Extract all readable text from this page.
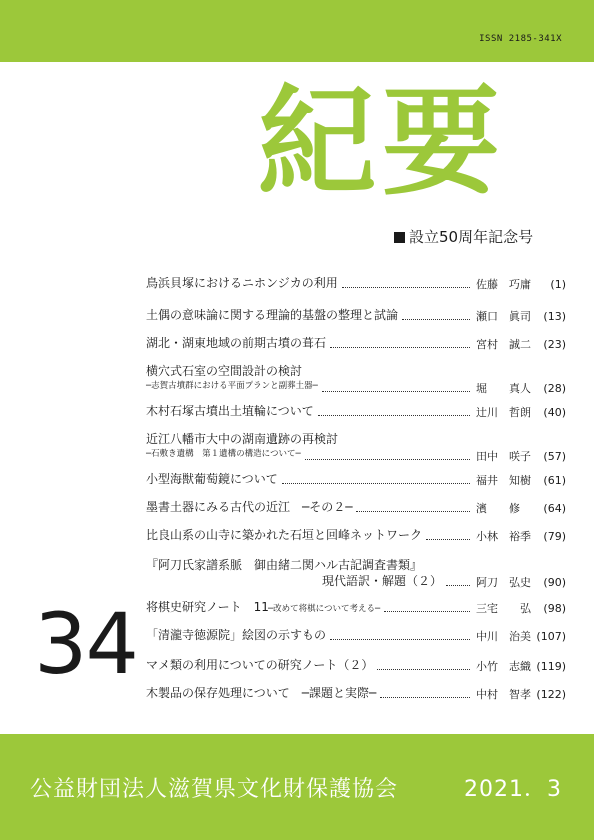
ISSN 2185-341X
紀要
設立50周年記念号
鳥浜貝塚におけるニホンジカの利用	佐藤　巧庸 (1)
土偶の意味論に関する理論的基盤の整理と試論	瀬口　眞司 (13)
湖北・湖東地域の前期古墳の葺石	宮村　誠二 (23)
横穴式石室の空間設計の検討
─志賀古墳群における平面プランと副葬土器─	堀　　真人 (28)
木村石塚古墳出土埴輪について	辻川　哲朗 (40)
近江八幡市大中の湖南遺跡の再検討
─石敷き遺構　第１遺構の構造について─	田中　咲子 (57)
小型海獣葡萄鏡について	福井　知樹 (61)
墨書土器にみる古代の近江　─その２─	濱　　修 (64)
比良山系の山寺に築かれた石垣と回峰ネットワーク	小林　裕季 (79)
『阿刀氏家譜系脈　御由緒二関ハル古記調査書類』
現代語訳・解題（２）	阿刀　弘史 (90)
将棋史研究ノート　11 ─改めて将棋について考える─	三宅　　弘 (98)
「清瀧寺徳源院」絵図の示すもの	中川　治美 (107)
マメ類の利用についての研究ノート（２）	小竹　志織 (119)
木製品の保存処理について　─課題と実際─	中村　智孝 (122)
34
公益財団法人滋賀県文化財保護協会	2021．3
